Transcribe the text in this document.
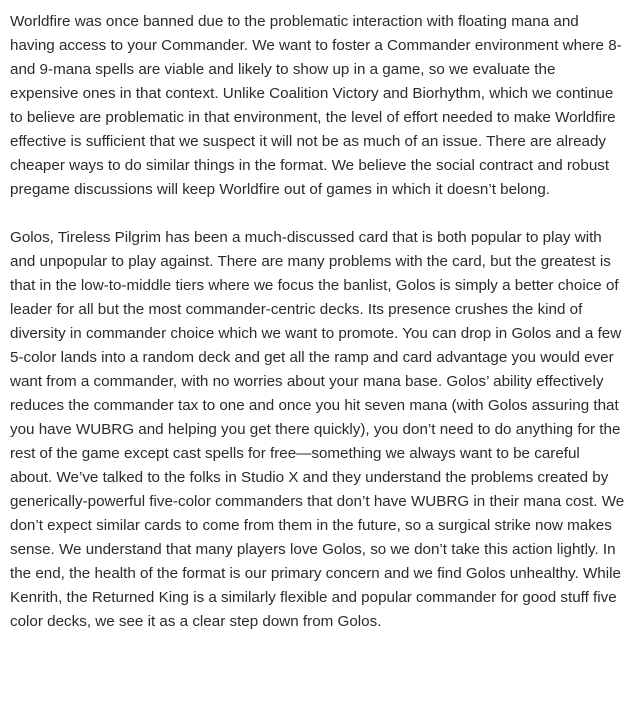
Worldfire was once banned due to the problematic interaction with floating mana and having access to your Commander. We want to foster a Commander environment where 8- and 9-mana spells are viable and likely to show up in a game, so we evaluate the expensive ones in that context. Unlike Coalition Victory and Biorhythm, which we continue to believe are problematic in that environment, the level of effort needed to make Worldfire effective is sufficient that we suspect it will not be as much of an issue. There are already cheaper ways to do similar things in the format. We believe the social contract and robust pregame discussions will keep Worldfire out of games in which it doesn’t belong.

Golos, Tireless Pilgrim has been a much-discussed card that is both popular to play with and unpopular to play against. There are many problems with the card, but the greatest is that in the low-to-middle tiers where we focus the banlist, Golos is simply a better choice of leader for all but the most commander-centric decks. Its presence crushes the kind of diversity in commander choice which we want to promote. You can drop in Golos and a few 5-color lands into a random deck and get all the ramp and card advantage you would ever want from a commander, with no worries about your mana base. Golos’ ability effectively reduces the commander tax to one and once you hit seven mana (with Golos assuring that you have WUBRG and helping you get there quickly), you don’t need to do anything for the rest of the game except cast spells for free—something we always want to be careful about. We’ve talked to the folks in Studio X and they understand the problems created by generically-powerful five-color commanders that don’t have WUBRG in their mana cost. We don’t expect similar cards to come from them in the future, so a surgical strike now makes sense. We understand that many players love Golos, so we don’t take this action lightly. In the end, the health of the format is our primary concern and we find Golos unhealthy. While Kenrith, the Returned King is a similarly flexible and popular commander for good stuff five color decks, we see it as a clear step down from Golos.
